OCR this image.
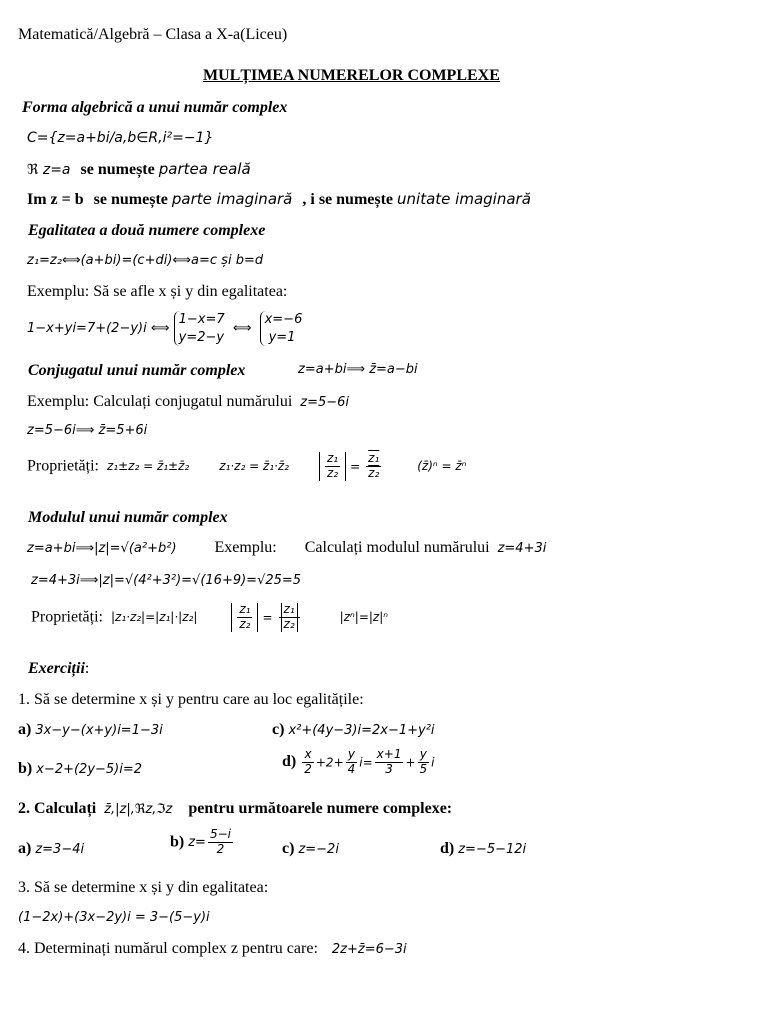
Matematică/Algebră – Clasa a X-a(Liceu)
MULȚIMEA NUMERELOR COMPLEXE
Forma algebrică a unui număr complex
C={z=a+bi/a,b∈R,i²=−1}
ℜ z=a se numește partea reală
Im z = b se numește parte imaginară , i se numește unitate imaginară
Egalitatea a două numere complexe
z₁=z₂⟺(a+bi)=(c+di)⟺a=c și b=d
Exemplu: Să se afle x și y din egalitatea:
1−x+yi=7+(2−y)i ⟺
1−x=7
y=2−y
⟺
x=−6
y=1
Conjugatul unui număr complex	z=a+bi⟹ z̄=a−bi
Exemplu: Calculați conjugatul numărului z=5−6i
z=5−6i⟹ z̄=5+6i
Proprietăți: z₁±z₂ = z̄₁±z̄₂	z₁·z₂ = z̄₁·z̄₂	$\frac{\text{z₁}}{\text{z₂}} = \frac{\text{z₁}}{\text{z₂}}$	(z̄)ⁿ = z̄ⁿ
Modulul unui număr complex
z=a+bi⟹|z|=√(a²+b²) Exemplu: Calculați modulul numărului z=4+3i
z=4+3i⟹|z|=√(4²+3²)=√(16+9)=√25=5
Proprietăți: |z₁·z₂|=|z₁|·|z₂|	$\frac{\text{z₁}}{\text{z₂}} = \frac{\text{z₁}}{\text{z₂}}$	|zⁿ|=|z|ⁿ
Exerciții:
1. Să se determine x și y pentru care au loc egalitățile:
a) 3x−y−(x+y)i=1−3i	c) x²+(4y−3)i=2x−1+y²i
b) x−2+(2y−5)i=2	$d) \frac{x}{2} +2+ \frac{y}{4} i= \frac{x+1}{3} + \frac{y}{5}$ i
2. Calculați z̄,|z|,ℜz,ℑz pentru următoarele numere complexe:
a) z=3−4i	b) $z= \frac{5-i}{2}$	c) z=−2i	d) z=−5−12i
3. Să se determine x și y din egalitatea:
(1−2x)+(3x−2y)i = 3−(5−y)i
4. Determinați numărul complex z pentru care: 2z+z̄=6−3i
